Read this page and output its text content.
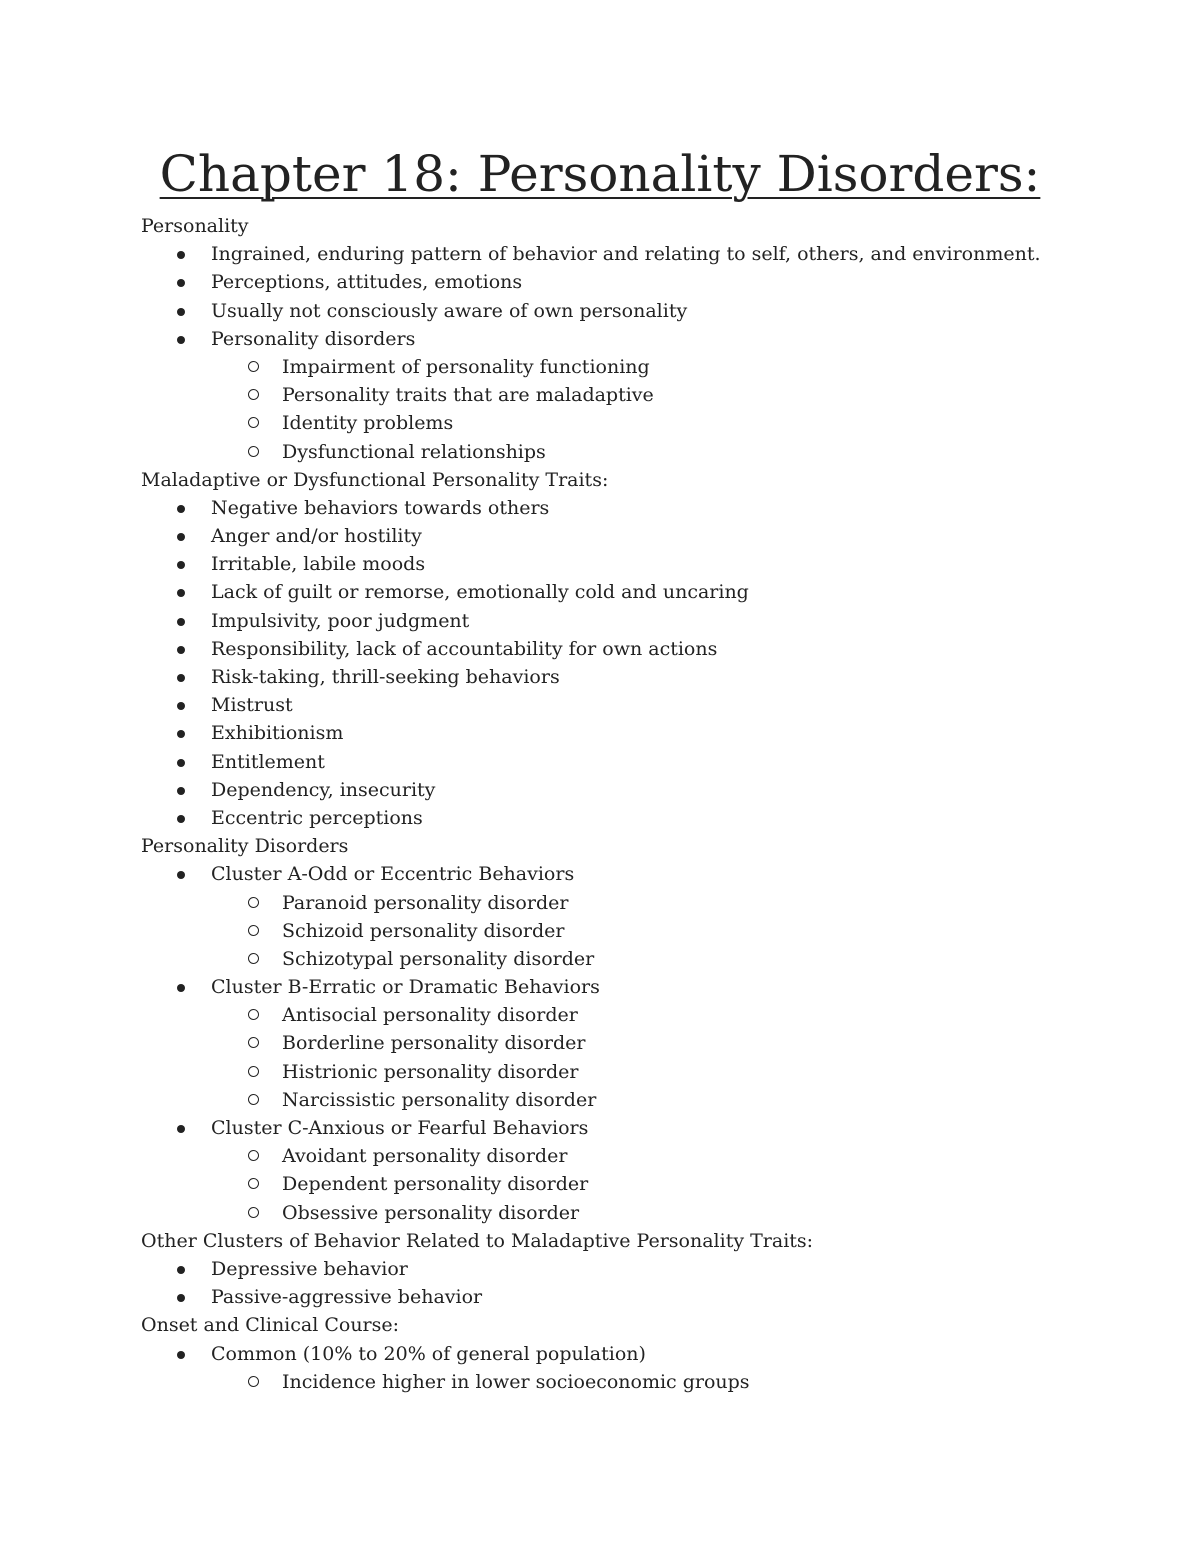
Chapter 18: Personality Disorders:
Personality
Ingrained, enduring pattern of behavior and relating to self, others, and environment.
Perceptions, attitudes, emotions
Usually not consciously aware of own personality
Personality disorders
Impairment of personality functioning
Personality traits that are maladaptive
Identity problems
Dysfunctional relationships
Maladaptive or Dysfunctional Personality Traits:
Negative behaviors towards others
Anger and/or hostility
Irritable, labile moods
Lack of guilt or remorse, emotionally cold and uncaring
Impulsivity, poor judgment
Responsibility, lack of accountability for own actions
Risk-taking, thrill-seeking behaviors
Mistrust
Exhibitionism
Entitlement
Dependency, insecurity
Eccentric perceptions
Personality Disorders
Cluster A-Odd or Eccentric Behaviors
Paranoid personality disorder
Schizoid personality disorder
Schizotypal personality disorder
Cluster B-Erratic or Dramatic Behaviors
Antisocial personality disorder
Borderline personality disorder
Histrionic personality disorder
Narcissistic personality disorder
Cluster C-Anxious or Fearful Behaviors
Avoidant personality disorder
Dependent personality disorder
Obsessive personality disorder
Other Clusters of Behavior Related to Maladaptive Personality Traits:
Depressive behavior
Passive-aggressive behavior
Onset and Clinical Course:
Common (10% to 20% of general population)
Incidence higher in lower socioeconomic groups
